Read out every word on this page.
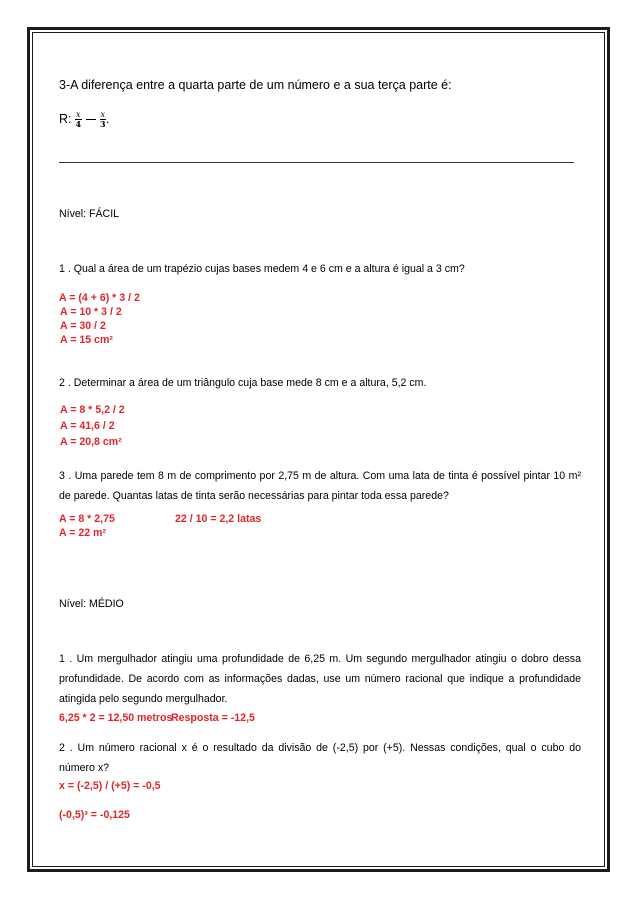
3-A diferença entre a quarta parte de um número e a sua terça parte é:
R: $\frac{x}{4} \frac{x}{3}$ .
Nível: FÁCIL
1 . Qual a área de um trapézio cujas bases medem 4 e 6 cm e a altura é igual a 3 cm?
A = (4 + 6) * 3 / 2
A = 10 * 3 / 2
A = 30 / 2
A = 15 cm²
2 . Determinar a área de um triângulo cuja base mede 8 cm e a altura, 5,2 cm.
A = 8 * 5,2 / 2
A = 41,6 / 2
A = 20,8 cm²
3 . Uma parede tem 8 m de comprimento por 2,75 m de altura. Com uma lata de tinta é possível pintar 10 m² de parede. Quantas latas de tinta serão necessárias para pintar toda essa parede?
A = 8 * 2,75	22 / 10 = 2,2 latas
A = 22 m²
Nível: MÉDIO
1 . Um mergulhador atingiu uma profundidade de 6,25 m. Um segundo mergulhador atingiu o dobro dessa profundidade. De acordo com as informações dadas, use um número racional que indique a profundidade atingida pelo segundo mergulhador.
6,25 * 2 = 12,50 metros
Resposta = -12,5
2 . Um número racional x é o resultado da divisão de (-2,5) por (+5). Nessas condições, qual o cubo do número x?
x = (-2,5) / (+5) = -0,5
(-0,5)³ = -0,125
